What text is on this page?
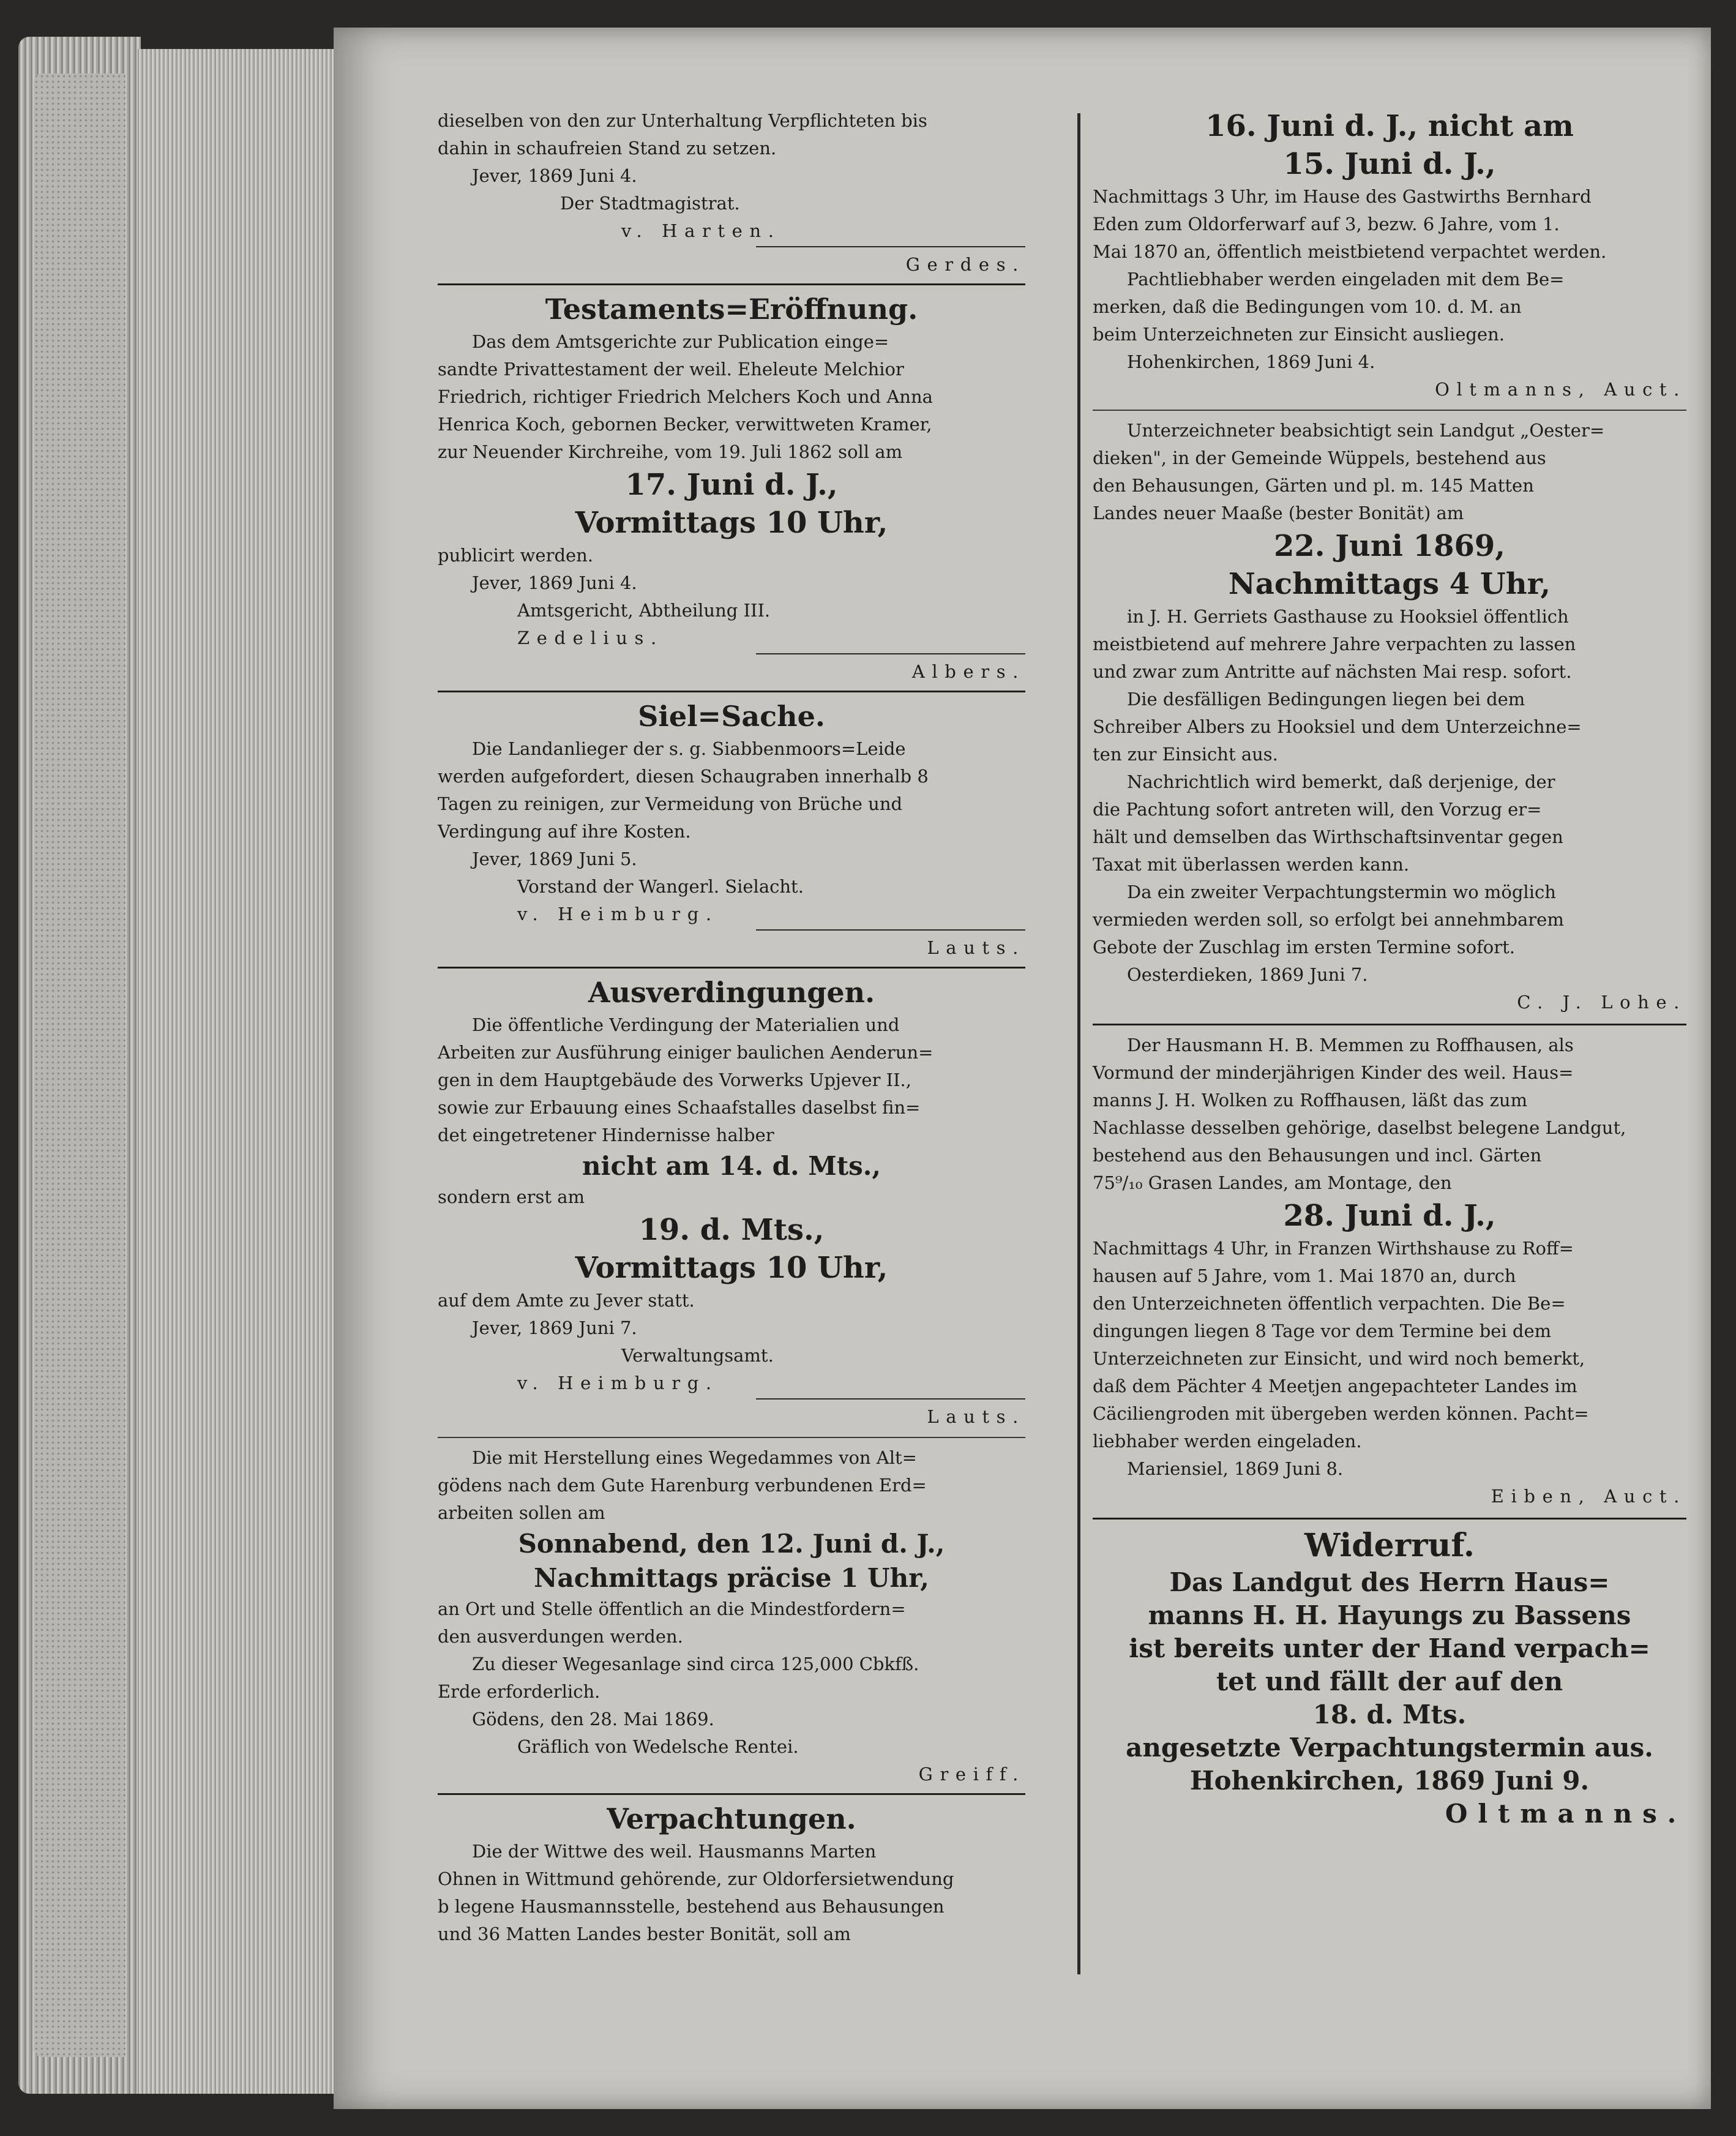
dieselben von den zur Unterhaltung Verpflichteten bis

dahin in schaufreien Stand zu setzen.

Jever, 1869 Juni 4.

Der Stadtmagistrat.

v. Harten.

Gerdes.

Testaments=Eröffnung.

Das dem Amtsgerichte zur Publication einge=

sandte Privattestament der weil. Eheleute Melchior

Friedrich, richtiger Friedrich Melchers Koch und Anna

Henrica Koch, gebornen Becker, verwittweten Kramer,

zur Neuender Kirchreihe, vom 19. Juli 1862 soll am

17. Juni d. J.,

Vormittags 10 Uhr,

publicirt werden.

Jever, 1869 Juni 4.

Amtsgericht, Abtheilung III.

Zedelius.

Albers.

Siel=Sache.

Die Landanlieger der s. g. Siabbenmoors=Leide

werden aufgefordert, diesen Schaugraben innerhalb 8

Tagen zu reinigen, zur Vermeidung von Brüche und

Verdingung auf ihre Kosten.

Jever, 1869 Juni 5.

Vorstand der Wangerl. Sielacht.

v. Heimburg.

Lauts.

Ausverdingungen.

Die öffentliche Verdingung der Materialien und

Arbeiten zur Ausführung einiger baulichen Aenderun=

gen in dem Hauptgebäude des Vorwerks Upjever II.,

sowie zur Erbauung eines Schaafstalles daselbst fin=

det eingetretener Hindernisse halber

nicht am 14. d. Mts.,

sondern erst am

19. d. Mts.,

Vormittags 10 Uhr,

auf dem Amte zu Jever statt.

Jever, 1869 Juni 7.

Verwaltungsamt.

v. Heimburg.

Lauts.

Die mit Herstellung eines Wegedammes von Alt=

gödens nach dem Gute Harenburg verbundenen Erd=

arbeiten sollen am

Sonnabend, den 12. Juni d. J.,

Nachmittags präcise 1 Uhr,

an Ort und Stelle öffentlich an die Mindestfordern=

den ausverdungen werden.

Zu dieser Wegesanlage sind circa 125,000 Cbkfß.

Erde erforderlich.

Gödens, den 28. Mai 1869.

Gräflich von Wedelsche Rentei.

Greiff.

Verpachtungen.

Die der Wittwe des weil. Hausmanns Marten

Ohnen in Wittmund gehörende, zur Oldorfersietwendung

b legene Hausmannsstelle, bestehend aus Behausungen

und 36 Matten Landes bester Bonität, soll am

16. Juni d. J., nicht am

15. Juni d. J.,

Nachmittags 3 Uhr, im Hause des Gastwirths Bernhard

Eden zum Oldorferwarf auf 3, bezw. 6 Jahre, vom 1.

Mai 1870 an, öffentlich meistbietend verpachtet werden.

Pachtliebhaber werden eingeladen mit dem Be=

merken, daß die Bedingungen vom 10. d. M. an

beim Unterzeichneten zur Einsicht ausliegen.

Hohenkirchen, 1869 Juni 4.

Oltmanns, Auct.

Unterzeichneter beabsichtigt sein Landgut „Oester=

dieken", in der Gemeinde Wüppels, bestehend aus

den Behausungen, Gärten und pl. m. 145 Matten

Landes neuer Maaße (bester Bonität) am

22. Juni 1869,

Nachmittags 4 Uhr,

in J. H. Gerriets Gasthause zu Hooksiel öffentlich

meistbietend auf mehrere Jahre verpachten zu lassen

und zwar zum Antritte auf nächsten Mai resp. sofort.

Die desfälligen Bedingungen liegen bei dem

Schreiber Albers zu Hooksiel und dem Unterzeichne=

ten zur Einsicht aus.

Nachrichtlich wird bemerkt, daß derjenige, der

die Pachtung sofort antreten will, den Vorzug er=

hält und demselben das Wirthschaftsinventar gegen

Taxat mit überlassen werden kann.

Da ein zweiter Verpachtungstermin wo möglich

vermieden werden soll, so erfolgt bei annehmbarem

Gebote der Zuschlag im ersten Termine sofort.

Oesterdieken, 1869 Juni 7.

C. J. Lohe.

Der Hausmann H. B. Memmen zu Roffhausen, als

Vormund der minderjährigen Kinder des weil. Haus=

manns J. H. Wolken zu Roffhausen, läßt das zum

Nachlasse desselben gehörige, daselbst belegene Landgut,

bestehend aus den Behausungen und incl. Gärten

75⁹/₁₀ Grasen Landes, am Montage, den

28. Juni d. J.,

Nachmittags 4 Uhr, in Franzen Wirthshause zu Roff=

hausen auf 5 Jahre, vom 1. Mai 1870 an, durch

den Unterzeichneten öffentlich verpachten. Die Be=

dingungen liegen 8 Tage vor dem Termine bei dem

Unterzeichneten zur Einsicht, und wird noch bemerkt,

daß dem Pächter 4 Meetjen angepachteter Landes im

Cäciliengroden mit übergeben werden können. Pacht=

liebhaber werden eingeladen.

Mariensiel, 1869 Juni 8.

Eiben, Auct.

Widerruf.

Das Landgut des Herrn Haus=

manns H. H. Hayungs zu Bassens

ist bereits unter der Hand verpach=

tet und fällt der auf den

18. d. Mts.

angesetzte Verpachtungstermin aus.

Hohenkirchen, 1869 Juni 9.

Oltmanns.
